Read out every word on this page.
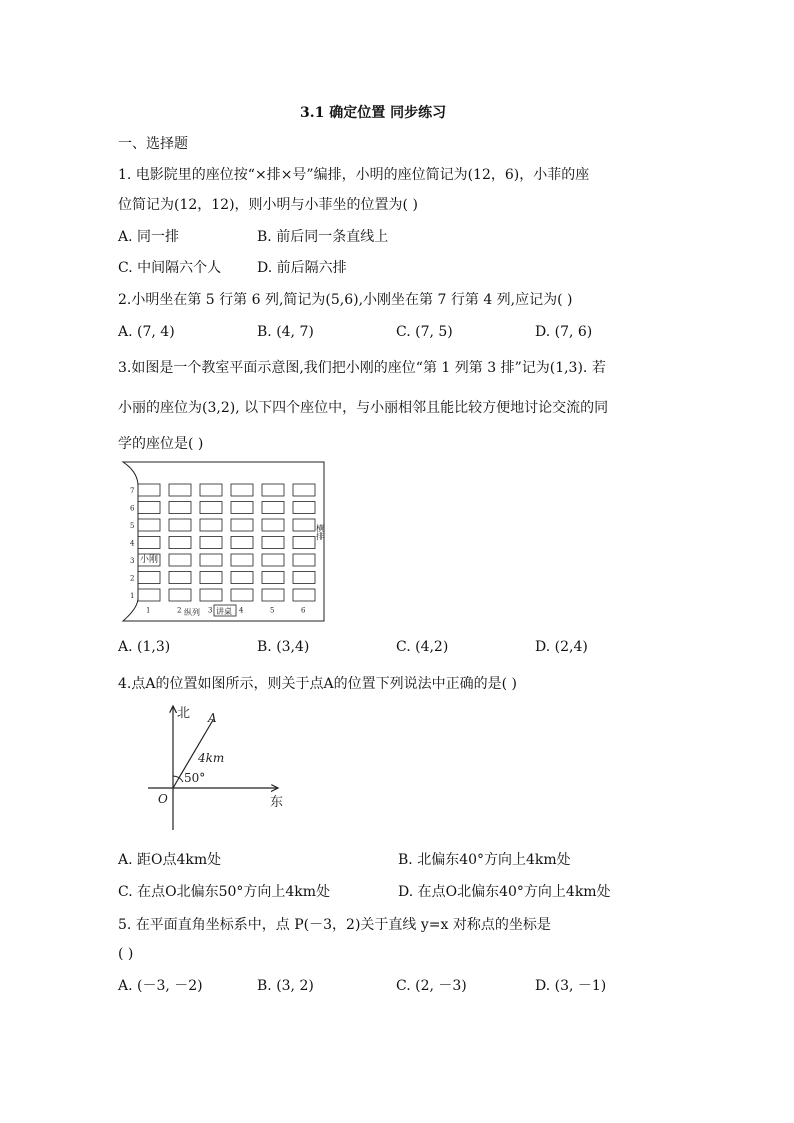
3.1 确定位置 同步练习
一、选择题
1. 电影院里的座位按“×排×号”编排，小明的座位简记为(12，6)，小菲的座
位简记为(12，12)，则小明与小菲坐的位置为( )
A. 同一排	B. 前后同一条直线上
C. 中间隔六个人	D. 前后隔六排
2.小明坐在第 5 行第 6 列,简记为(5,6),小刚坐在第 7 行第 4 列,应记为( )
A. (7, 4)	B. (4, 7)	C. (7, 5)	D. (7, 6)
3.如图是一个教室平面示意图,我们把小刚的座位“第 1 列第 3 排”记为(1,3). 若
小丽的座位为(3,2), 以下四个座位中，与小丽相邻且能比较方便地讨论交流的同
学的座位是( )
7
6
5
4
3
2
1
1	2	3	4	5	6
小刚
纵列 讲桌
横排
A. (1,3)	B. (3,4)	C. (4,2)	D. (2,4)
4.点A的位置如图所示，则关于点A的位置下列说法中正确的是( )
北
东
O
A
4km
50°
A. 距O点4km处	B. 北偏东40°方向上4km处
C. 在点O北偏东50°方向上4km处	D. 在点O北偏东40°方向上4km处
5. 在平面直角坐标系中，点 P(－3，2)关于直线 y=x 对称点的坐标是
( )
A. (－3, －2)	B. (3, 2)	C. (2, －3)	D. (3, －1)
